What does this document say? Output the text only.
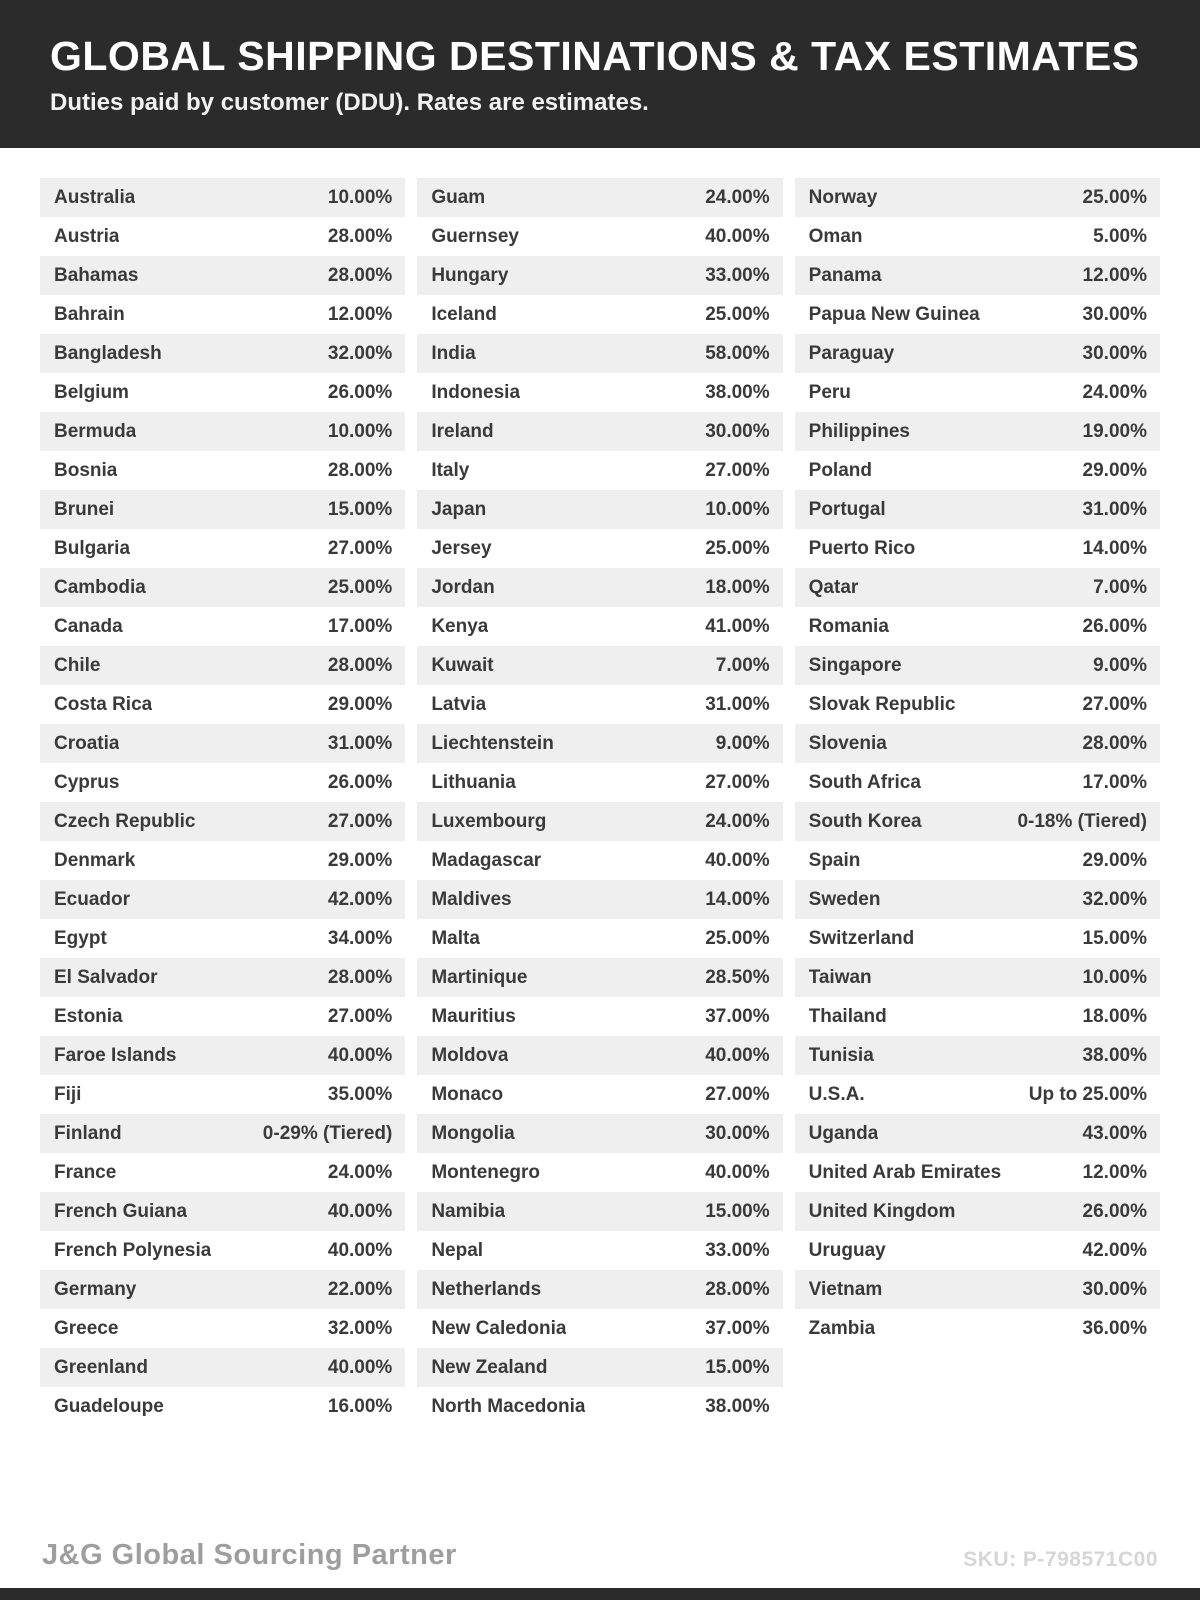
GLOBAL SHIPPING DESTINATIONS & TAX ESTIMATES

Duties paid by customer (DDU). Rates are estimates.

Australia	10.00%
Austria	28.00%
Bahamas	28.00%
Bahrain	12.00%
Bangladesh	32.00%
Belgium	26.00%
Bermuda	10.00%
Bosnia	28.00%
Brunei	15.00%
Bulgaria	27.00%
Cambodia	25.00%
Canada	17.00%
Chile	28.00%
Costa Rica	29.00%
Croatia	31.00%
Cyprus	26.00%
Czech Republic	27.00%
Denmark	29.00%
Ecuador	42.00%
Egypt	34.00%
El Salvador	28.00%
Estonia	27.00%
Faroe Islands	40.00%
Fiji	35.00%
Finland	0-29% (Tiered)
France	24.00%
French Guiana	40.00%
French Polynesia	40.00%
Germany	22.00%
Greece	32.00%
Greenland	40.00%
Guadeloupe	16.00%
Guam	24.00%
Guernsey	40.00%
Hungary	33.00%
Iceland	25.00%
India	58.00%
Indonesia	38.00%
Ireland	30.00%
Italy	27.00%
Japan	10.00%
Jersey	25.00%
Jordan	18.00%
Kenya	41.00%
Kuwait	7.00%
Latvia	31.00%
Liechtenstein	9.00%
Lithuania	27.00%
Luxembourg	24.00%
Madagascar	40.00%
Maldives	14.00%
Malta	25.00%
Martinique	28.50%
Mauritius	37.00%
Moldova	40.00%
Monaco	27.00%
Mongolia	30.00%
Montenegro	40.00%
Namibia	15.00%
Nepal	33.00%
Netherlands	28.00%
New Caledonia	37.00%
New Zealand	15.00%
North Macedonia	38.00%
Norway	25.00%
Oman	5.00%
Panama	12.00%
Papua New Guinea	30.00%
Paraguay	30.00%
Peru	24.00%
Philippines	19.00%
Poland	29.00%
Portugal	31.00%
Puerto Rico	14.00%
Qatar	7.00%
Romania	26.00%
Singapore	9.00%
Slovak Republic	27.00%
Slovenia	28.00%
South Africa	17.00%
South Korea	0-18% (Tiered)
Spain	29.00%
Sweden	32.00%
Switzerland	15.00%
Taiwan	10.00%
Thailand	18.00%
Tunisia	38.00%
U.S.A.	Up to 25.00%
Uganda	43.00%
United Arab Emirates	12.00%
United Kingdom	26.00%
Uruguay	42.00%
Vietnam	30.00%
Zambia	36.00%
J&G Global Sourcing Partner	SKU: P-798571C00
